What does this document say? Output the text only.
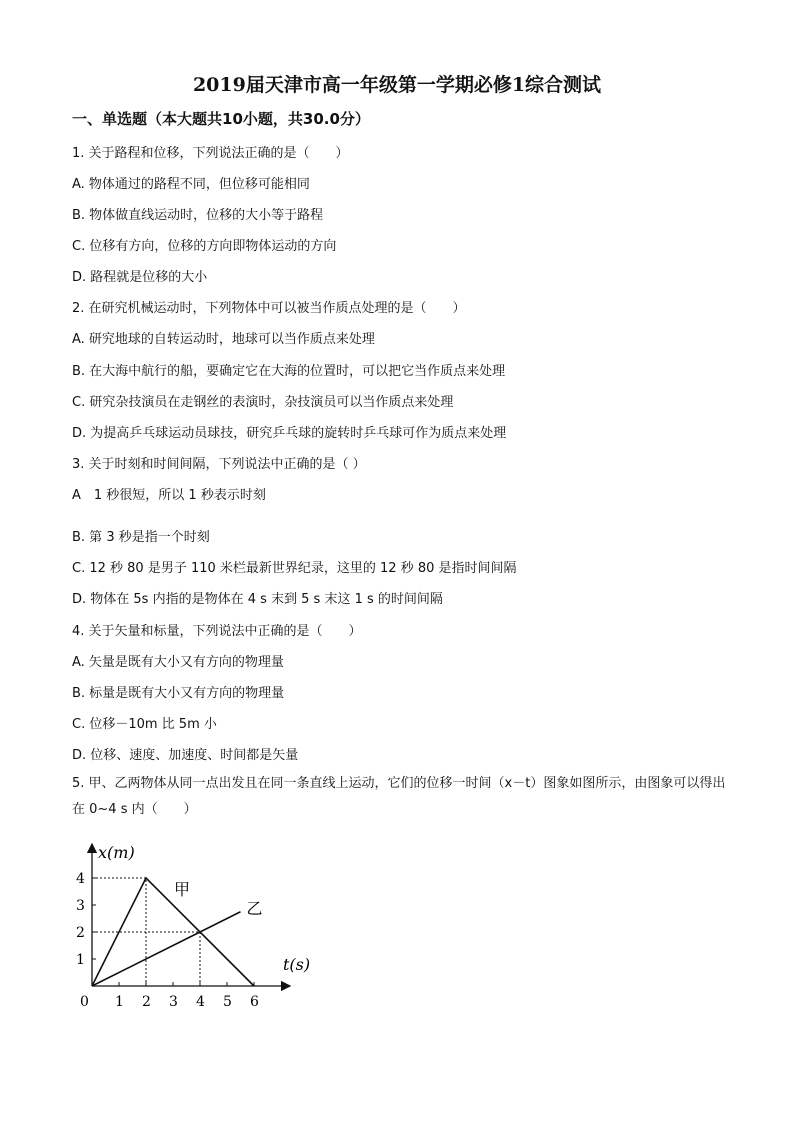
2019届天津市高一年级第一学期必修1综合测试
一、单选题（本大题共10小题，共30.0分）
1. 关于路程和位移，下列说法正确的是（　　）
A. 物体通过的路程不同，但位移可能相同
B. 物体做直线运动时，位移的大小等于路程
C. 位移有方向，位移的方向即物体运动的方向
D. 路程就是位移的大小
2. 在研究机械运动时，下列物体中可以被当作质点处理的是（　　）
A. 研究地球的自转运动时，地球可以当作质点来处理
B. 在大海中航行的船，要确定它在大海的位置时，可以把它当作质点来处理
C. 研究杂技演员在走钢丝的表演时，杂技演员可以当作质点来处理
D. 为提高乒乓球运动员球技，研究乒乓球的旋转时乒乓球可作为质点来处理
3. 关于时刻和时间间隔，下列说法中正确的是（ ）
A　1 秒很短，所以 1 秒表示时刻
B. 第 3 秒是指一个时刻
C. 12 秒 80 是男子 110 米栏最新世界纪录，这里的 12 秒 80 是指时间间隔
D. 物体在 5s 内指的是物体在 4 s 末到 5 s 末这 1 s 的时间间隔
4. 关于矢量和标量，下列说法中正确的是（　　）
A. 矢量是既有大小又有方向的物理量
B. 标量是既有大小又有方向的物理量
C. 位移－10m 比 5m 小
D. 位移、速度、加速度、时间都是矢量
5. 甲、乙两物体从同一点出发且在同一条直线上运动，它们的位移一时间（x－t）图象如图所示，由图象可以得出在 0~4 s 内（　　）
t(s)
x(m)
0 1 2 3 4 5 6
1
2
3
4
甲
乙
